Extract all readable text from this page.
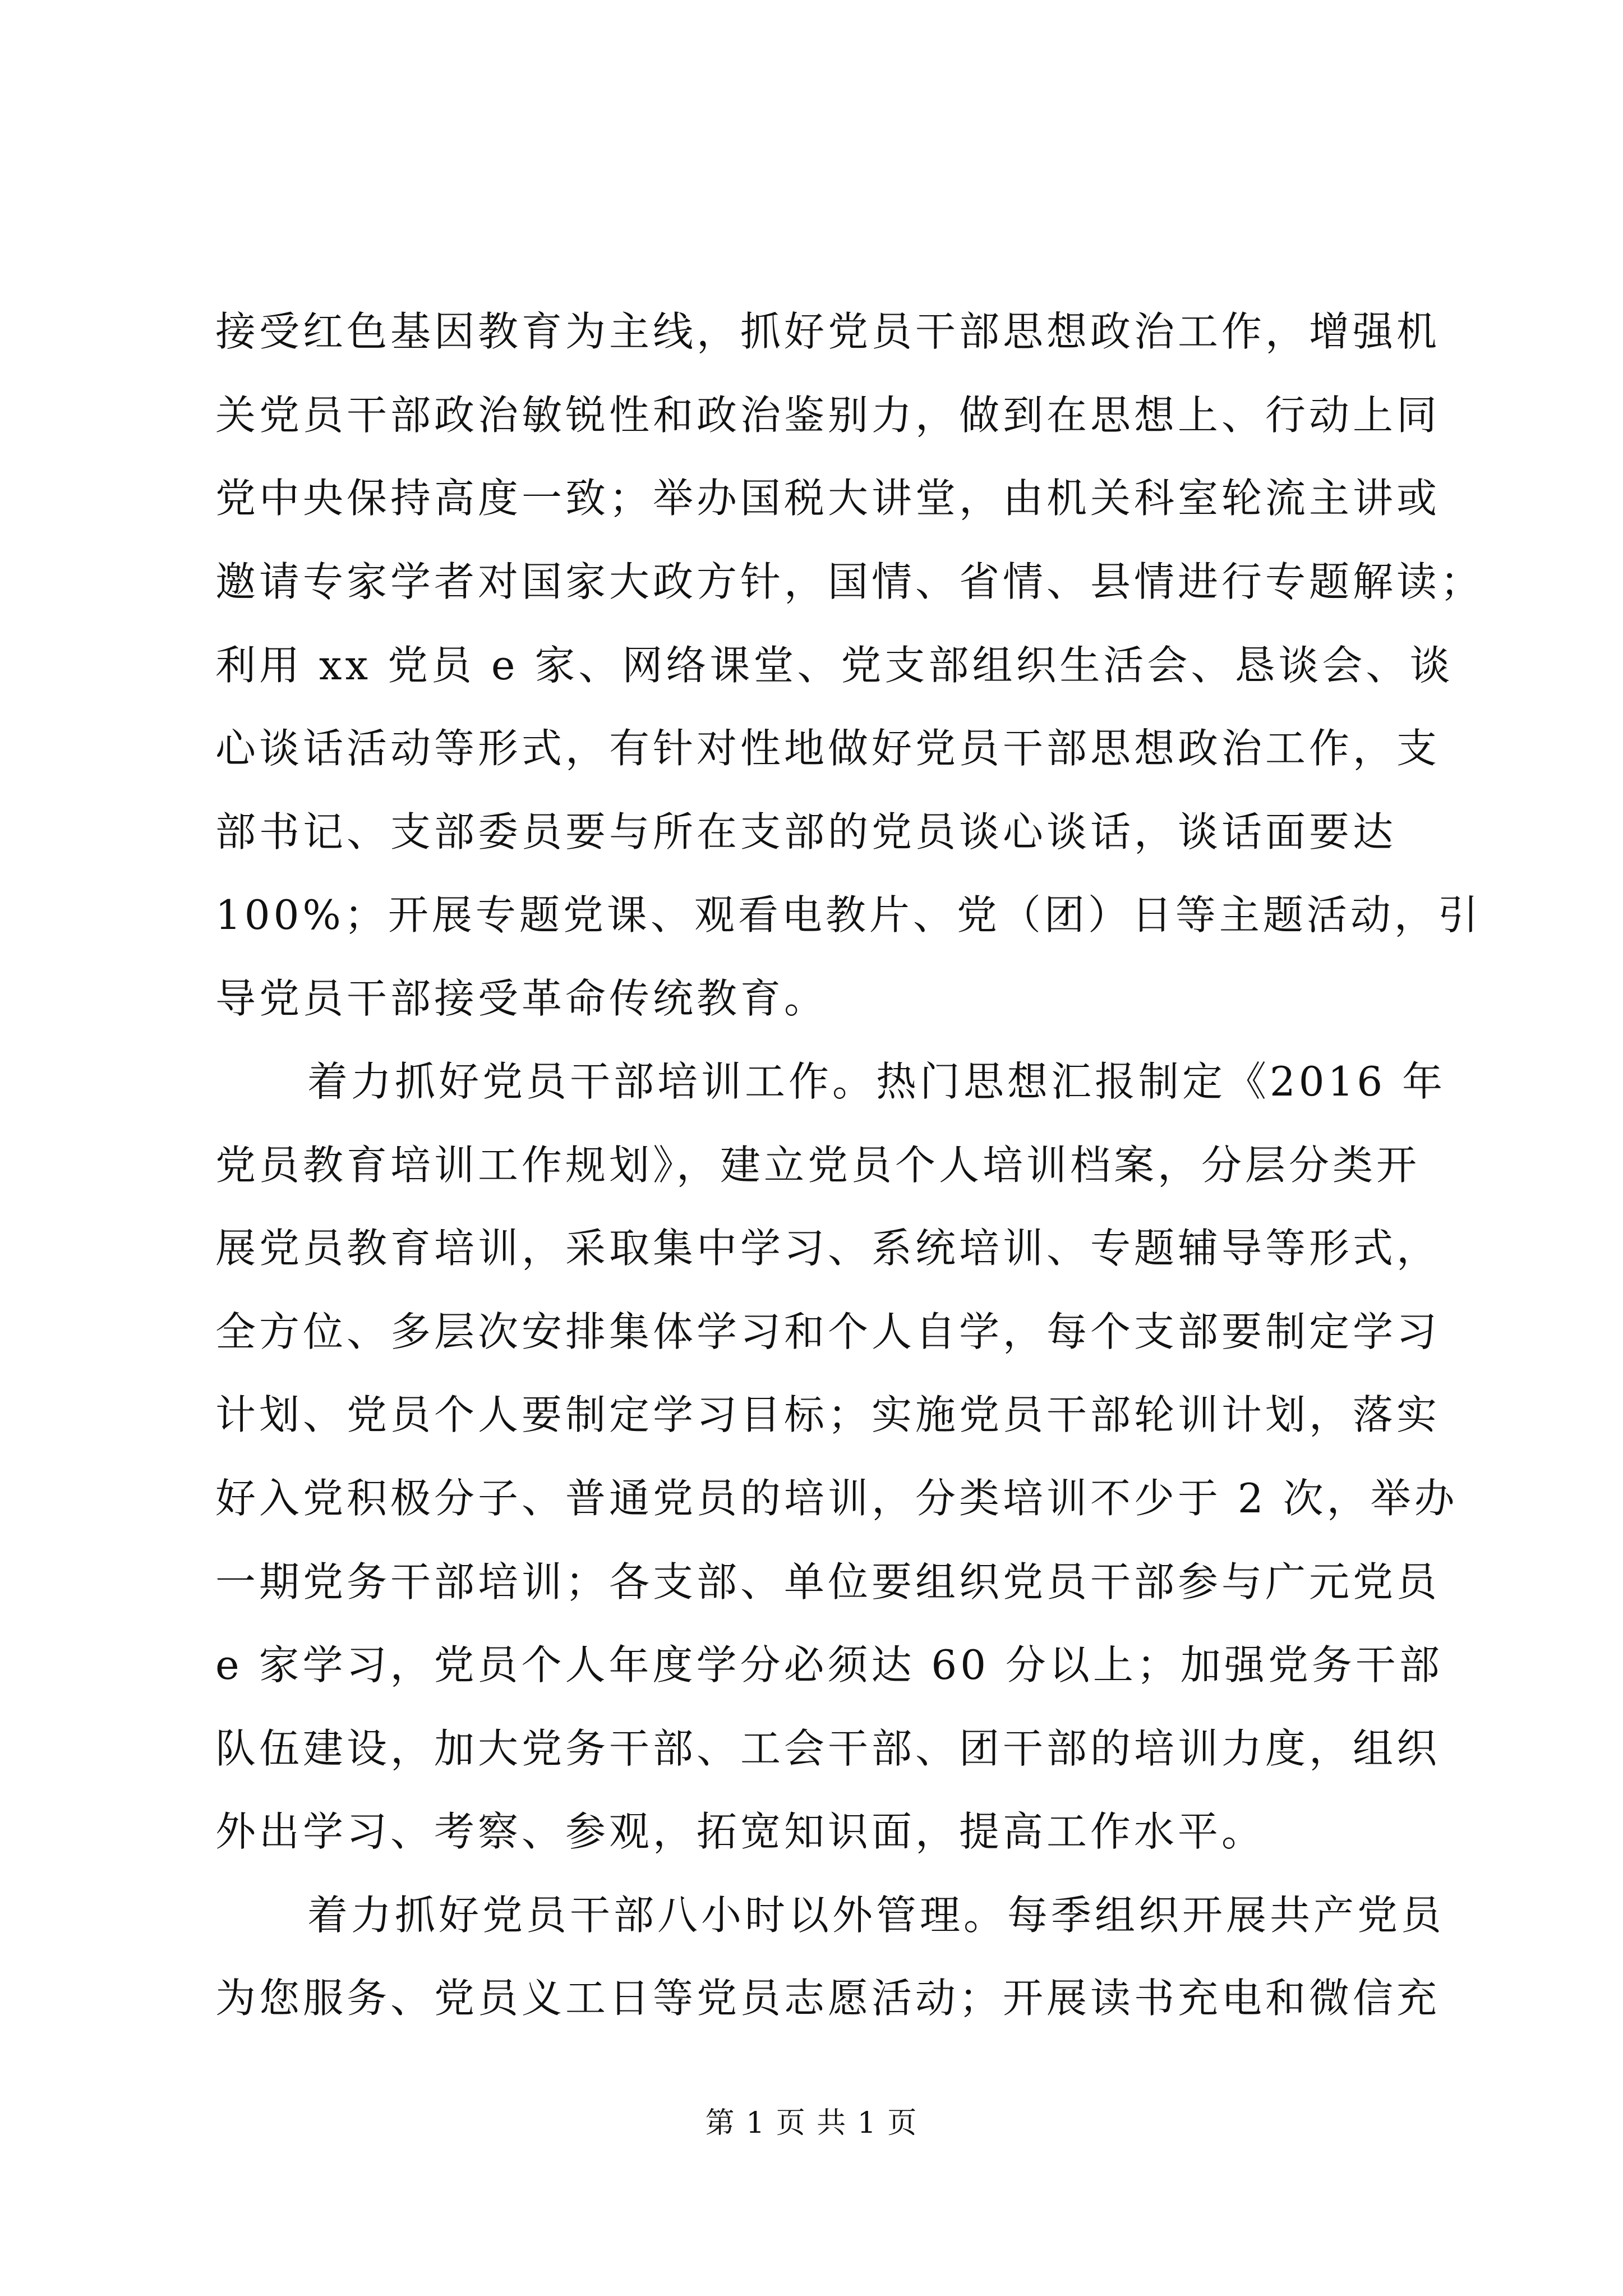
接受红色基因教育为主线，抓好党员干部思想政治工作，增强机
关党员干部政治敏锐性和政治鉴别力，做到在思想上、行动上同
党中央保持高度一致；举办国税大讲堂，由机关科室轮流主讲或
邀请专家学者对国家大政方针，国情、省情、县情进行专题解读；
利用 xx 党员 e 家、网络课堂、党支部组织生活会、恳谈会、谈
心谈话活动等形式，有针对性地做好党员干部思想政治工作，支
部书记、支部委员要与所在支部的党员谈心谈话，谈话面要达
100%；开展专题党课、观看电教片、党（团）日等主题活动，引
导党员干部接受革命传统教育。
着力抓好党员干部培训工作。热门思想汇报制定《2016 年
党员教育培训工作规划》，建立党员个人培训档案，分层分类开
展党员教育培训，采取集中学习、系统培训、专题辅导等形式，
全方位、多层次安排集体学习和个人自学，每个支部要制定学习
计划、党员个人要制定学习目标；实施党员干部轮训计划，落实
好入党积极分子、普通党员的培训，分类培训不少于 2 次，举办
一期党务干部培训；各支部、单位要组织党员干部参与广元党员
e 家学习，党员个人年度学分必须达 60 分以上；加强党务干部
队伍建设，加大党务干部、工会干部、团干部的培训力度，组织
外出学习、考察、参观，拓宽知识面，提高工作水平。
着力抓好党员干部八小时以外管理。每季组织开展共产党员
为您服务、党员义工日等党员志愿活动；开展读书充电和微信充
第 1 页 共 1 页
